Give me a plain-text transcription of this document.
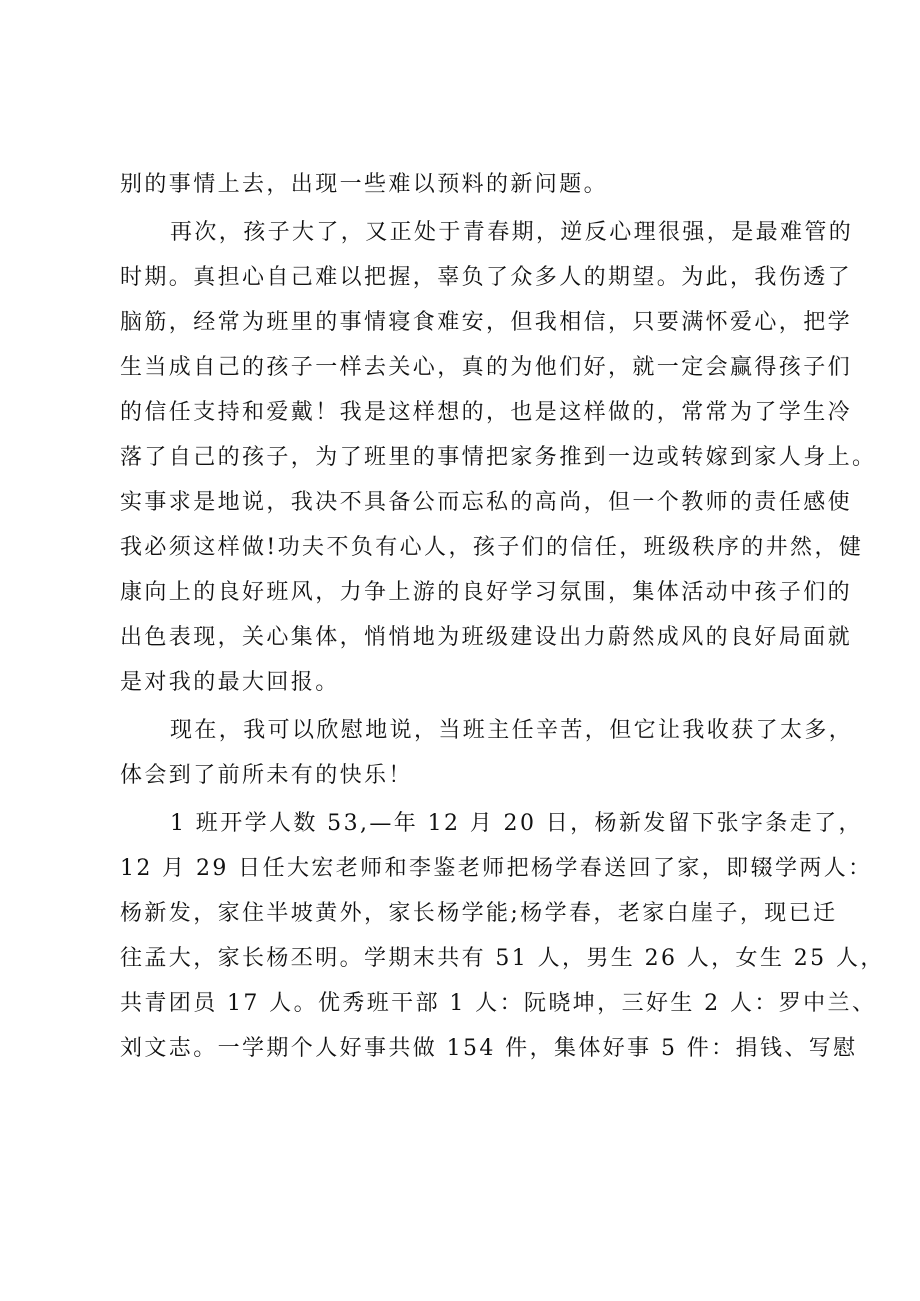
别的事情上去，出现一些难以预料的新问题。
再次，孩子大了，又正处于青春期，逆反心理很强，是最难管的
时期。真担心自己难以把握，辜负了众多人的期望。为此，我伤透了
脑筋，经常为班里的事情寝食难安，但我相信，只要满怀爱心，把学
生当成自己的孩子一样去关心，真的为他们好，就一定会赢得孩子们
的信任支持和爱戴！我是这样想的，也是这样做的，常常为了学生冷
落了自己的孩子，为了班里的事情把家务推到一边或转嫁到家人身上。
实事求是地说，我决不具备公而忘私的高尚，但一个教师的责任感使
我必须这样做!功夫不负有心人，孩子们的信任，班级秩序的井然，健
康向上的良好班风，力争上游的良好学习氛围，集体活动中孩子们的
出色表现，关心集体，悄悄地为班级建设出力蔚然成风的良好局面就
是对我的最大回报。
现在，我可以欣慰地说，当班主任辛苦，但它让我收获了太多，
体会到了前所未有的快乐！
1 班开学人数 53,—年 12 月 20 日，杨新发留下张字条走了，
12 月 29 日任大宏老师和李鉴老师把杨学春送回了家，即辍学两人：
杨新发，家住半坡黄外，家长杨学能;杨学春，老家白崖子，现已迁
往孟大，家长杨丕明。学期末共有 51 人，男生 26 人，女生 25 人，
共青团员 17 人。优秀班干部 1 人：阮晓坤，三好生 2 人：罗中兰、
刘文志。一学期个人好事共做 154 件，集体好事 5 件：捐钱、写慰
